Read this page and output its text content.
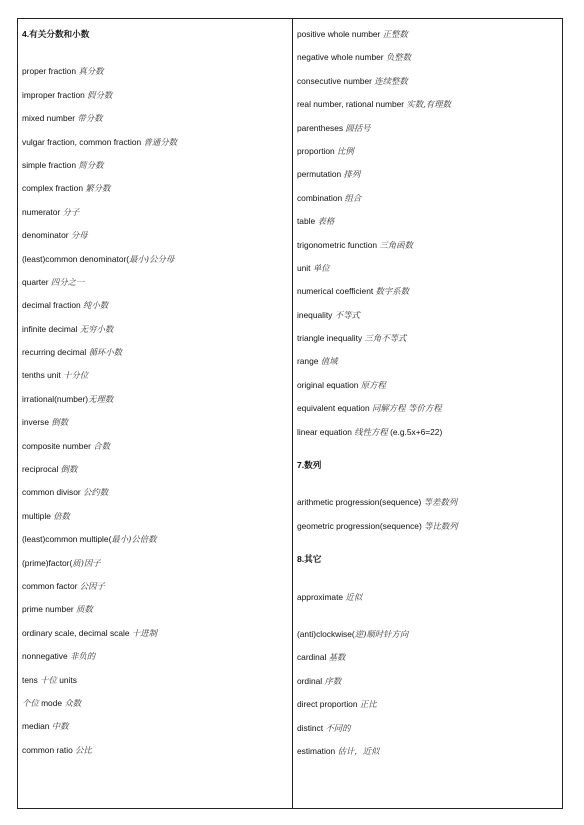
4.有关分数和小数
proper fraction 真分数
improper fraction 假分数
mixed number 带分数
vulgar fraction, common fraction 普通分数
simple fraction 简分数
complex fraction 繁分数
numerator 分子
denominator 分母
(least)common denominator(最小)公分母
quarter 四分之一
decimal fraction 纯小数
infinite decimal 无穷小数
recurring decimal 循环小数
tenths unit 十分位
irrational(number)无理数
inverse 倒数
composite number 合数
reciprocal 倒数
common divisor 公约数
multiple 倍数
(least)common multiple(最小)公倍数
(prime)factor(质)因子
common factor 公因子
prime number 质数
ordinary scale, decimal scale 十进制
nonnegative 非负的
tens 十位 units
个位 mode 众数
median 中数
common ratio 公比
positive whole number 正整数
negative whole number 负整数
consecutive number 连续整数
real number, rational number 实数,有理数
parentheses 圆括号
proportion 比例
permutation 排列
combination 组合
table 表格
trigonometric function 三角函数
unit 单位
numerical coefficient 数字系数
inequality 不等式
triangle inequality 三角不等式
range 值域
original equation 原方程
equivalent equation 同解方程 等价方程
linear equation 线性方程 (e.g.5x+6=22)
7.数列
arithmetic progression(sequence) 等差数列
geometric progression(sequence) 等比数列
8.其它
approximate 近似
(anti)clockwise(逆)顺时针方向
cardinal 基数
ordinal 序数
direct proportion 正比
distinct 不同的
estimation 估计，近似
